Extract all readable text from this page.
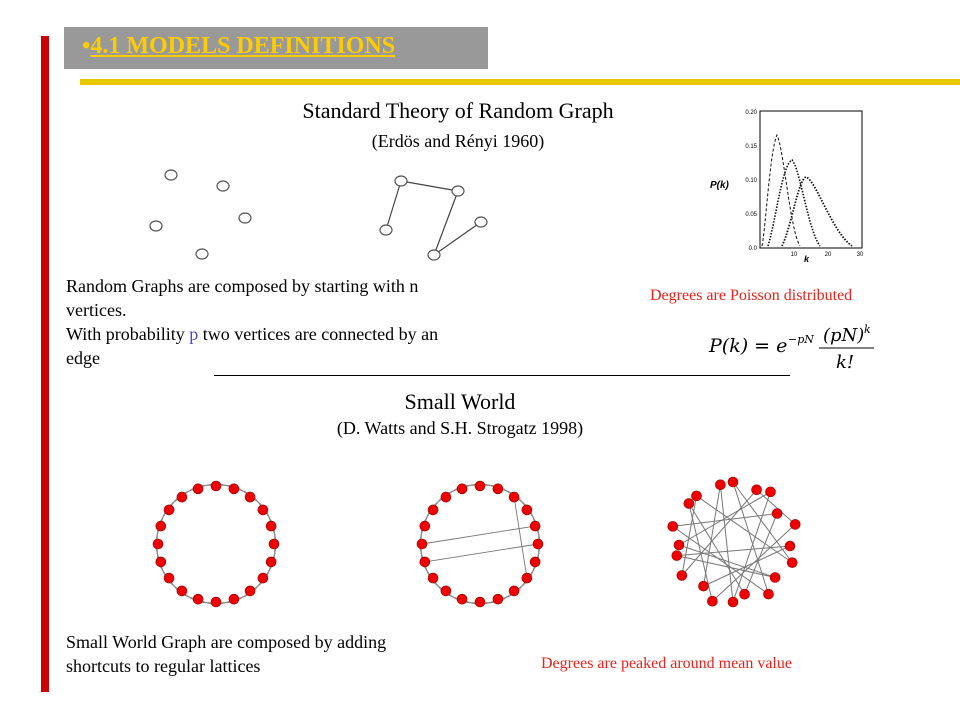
•4.1 MODELS DEFINITIONS
Standard Theory of Random Graph
(Erdös and Rényi 1960)
Random Graphs are composed by starting with n
vertices.
With probability p two vertices are connected by an
edge
0.20
0.15
0.10
0.05
0.0
10	20	30
P(k)
k
Degrees are Poisson distributed
P(k) = e −pN (pN) k
k!
Small World
(D. Watts and S.H. Strogatz 1998)
Small World Graph are composed by adding
shortcuts to regular lattices	Degrees are peaked around mean value
